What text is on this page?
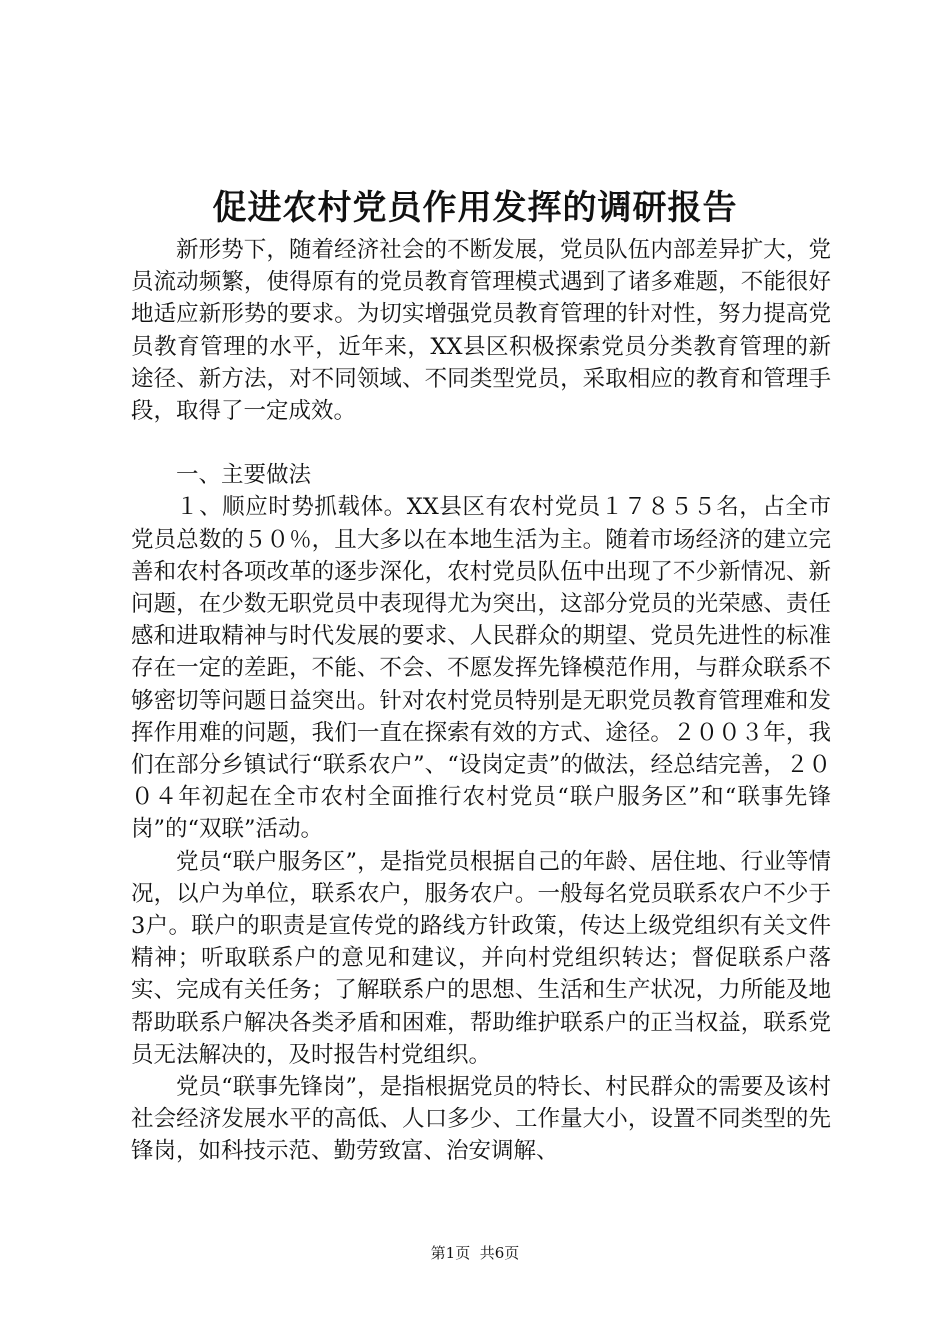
促进农村党员作用发挥的调研报告

新形势下，随着经济社会的不断发展，党员队伍内部差异扩大，党员流动频繁，使得原有的党员教育管理模式遇到了诸多难题，不能很好地适应新形势的要求。为切实增强党员教育管理的针对性，努力提高党员教育管理的水平，近年来，XX县区积极探索党员分类教育管理的新途径、新方法，对不同领域、不同类型党员，采取相应的教育和管理手段，取得了一定成效。

一、主要做法

１、顺应时势抓载体。XX县区有农村党员１７８５５名，占全市党员总数的５０％，且大多以在本地生活为主。随着市场经济的建立完善和农村各项改革的逐步深化，农村党员队伍中出现了不少新情况、新问题，在少数无职党员中表现得尤为突出，这部分党员的光荣感、责任感和进取精神与时代发展的要求、人民群众的期望、党员先进性的标准存在一定的差距，不能、不会、不愿发挥先锋模范作用，与群众联系不够密切等问题日益突出。针对农村党员特别是无职党员教育管理难和发挥作用难的问题，我们一直在探索有效的方式、途径。２００３年，我们在部分乡镇试行“联系农户”、“设岗定责”的做法，经总结完善，２００４年初起在全市农村全面推行农村党员“联户服务区”和“联事先锋岗”的“双联”活动。

党员“联户服务区”，是指党员根据自己的年龄、居住地、行业等情况，以户为单位，联系农户，服务农户。一般每名党员联系农户不少于3户。联户的职责是宣传党的路线方针政策，传达上级党组织有关文件精神；听取联系户的意见和建议，并向村党组织转达；督促联系户落实、完成有关任务；了解联系户的思想、生活和生产状况，力所能及地帮助联系户解决各类矛盾和困难，帮助维护联系户的正当权益，联系党员无法解决的，及时报告村党组织。

党员“联事先锋岗”，是指根据党员的特长、村民群众的需要及该村社会经济发展水平的高低、人口多少、工作量大小，设置不同类型的先锋岗，如科技示范、勤劳致富、治安调解、

第1页 共6页
